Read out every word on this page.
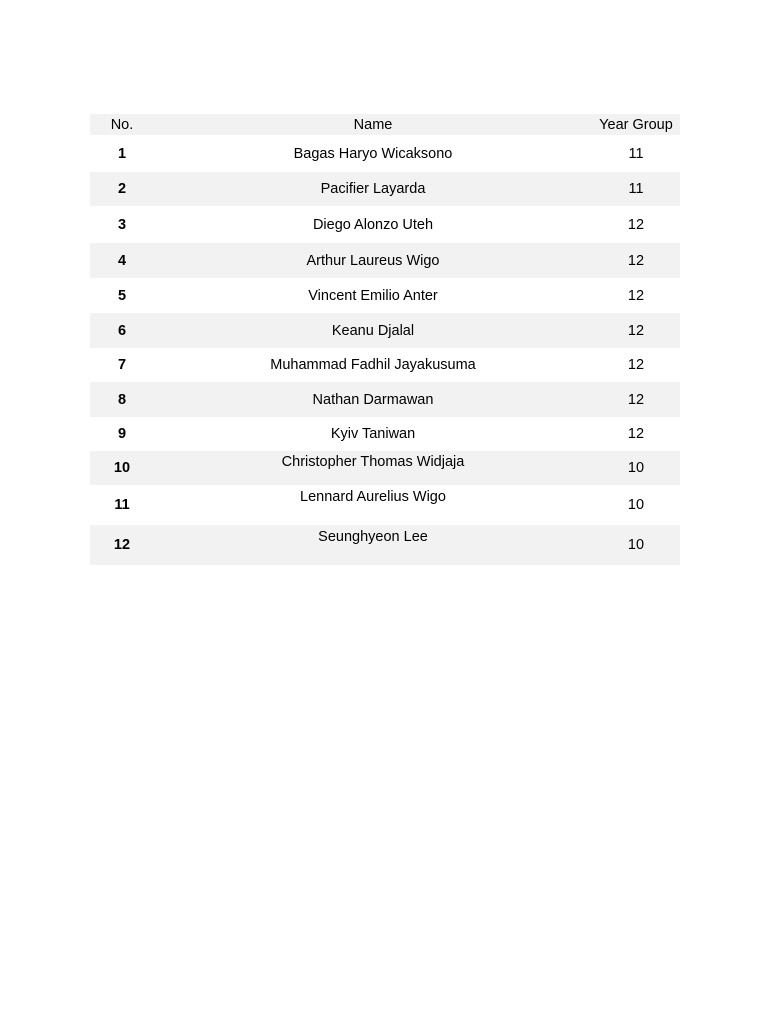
No.	Name	Year Group
1	Bagas Haryo Wicaksono	11
2	Pacifier Layarda	11
3	Diego Alonzo Uteh	12
4	Arthur Laureus Wigo	12
5	Vincent Emilio Anter	12
6	Keanu Djalal	12
7	Muhammad Fadhil Jayakusuma	12
8	Nathan Darmawan	12
9	Kyiv Taniwan	12
10	Christopher Thomas Widjaja	10
11	Lennard Aurelius Wigo	10
12	Seunghyeon Lee	10
